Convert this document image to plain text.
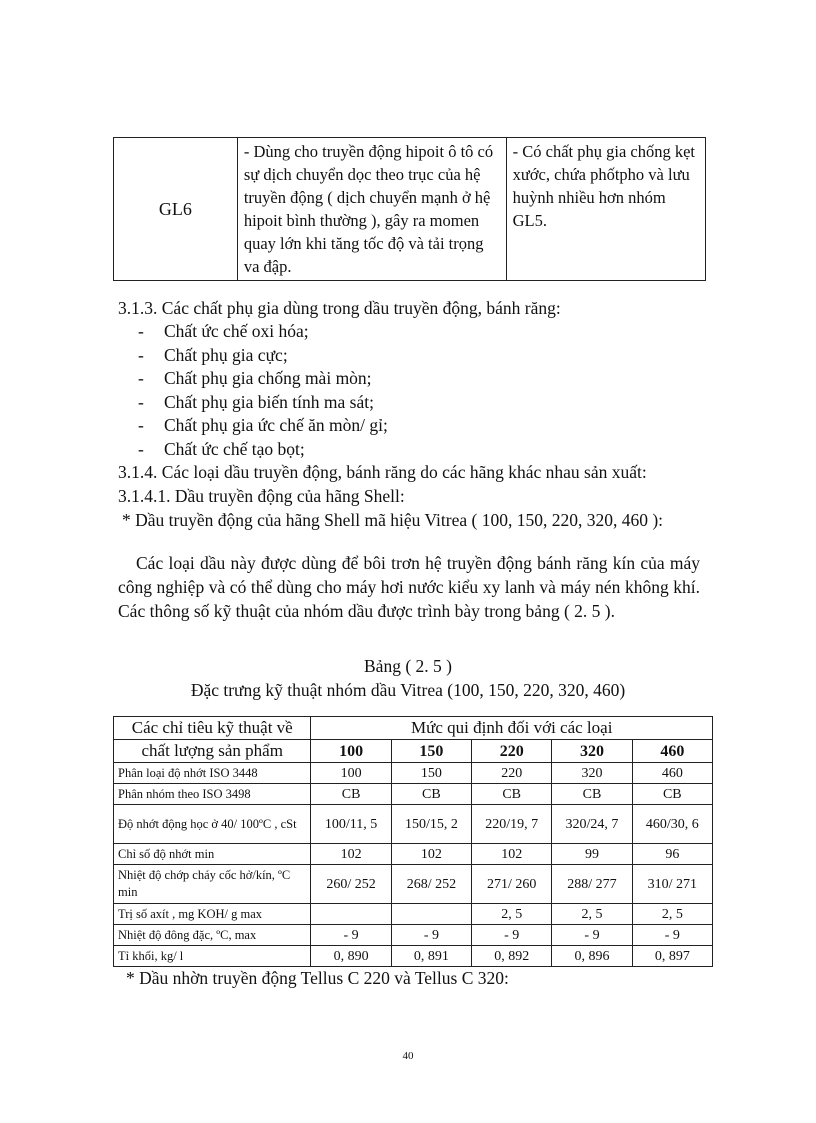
GL6	- Dùng cho truyền động hipoit ô tô có sự dịch chuyển dọc theo trục của hệ truyền động ( dịch chuyển mạnh ở hệ hipoit bình thường ), gây ra momen quay lớn khi tăng tốc độ và tải trọng va đập.	- Có chất phụ gia chống kẹt xước, chứa phốtpho và lưu huỳnh nhiều hơn nhóm GL5.
3.1.3. Các chất phụ gia dùng trong dầu truyền động, bánh răng:
- Chất ức chế oxi hóa;
- Chất phụ gia cực;
- Chất phụ gia chống mài mòn;
- Chất phụ gia biến tính ma sát;
- Chất phụ gia ức chế ăn mòn/ gỉ;
- Chất ức chế tạo bọt;
3.1.4. Các loại dầu truyền động, bánh răng do các hãng khác nhau sản xuất:
3.1.4.1. Dầu truyền động của hãng Shell:
* Dầu truyền động của hãng Shell mã hiệu Vitrea ( 100, 150, 220, 320, 460 ):
Các loại dầu này được dùng để bôi trơn hệ truyền động bánh răng kín của máy công nghiệp và có thể dùng cho máy hơi nước kiểu xy lanh và máy nén không khí. Các thông số kỹ thuật của nhóm dầu được trình bày trong bảng ( 2. 5 ).
Bảng ( 2. 5 )
Đặc trưng kỹ thuật nhóm dầu Vitrea (100, 150, 220, 320, 460)
Các chỉ tiêu kỹ thuật về	Mức qui định đối với các loại				
chất lượng sản phẩm	100	150	220	320	460
Phân loại độ nhớt ISO 3448	100	150	220	320	460
Phân nhóm theo ISO 3498	CB	CB	CB	CB	CB
Độ nhớt động học ở 40/ 100ºC , cSt	100/11, 5	150/15, 2	220/19, 7	320/24, 7	460/30, 6
Chỉ số độ nhớt min	102	102	102	99	96
Nhiệt độ chớp cháy cốc hở/kín, ºC min	260/ 252	268/ 252	271/ 260	288/ 277	310/ 271
Trị số axít , mg KOH/ g max			2, 5	2, 5	2, 5
Nhiệt độ đông đặc, ºC, max	- 9	- 9	- 9	- 9	- 9
Tỉ khối, kg/ l	0, 890	0, 891	0, 892	0, 896	0, 897
* Dầu nhờn truyền động Tellus C 220 và Tellus C 320:
40
